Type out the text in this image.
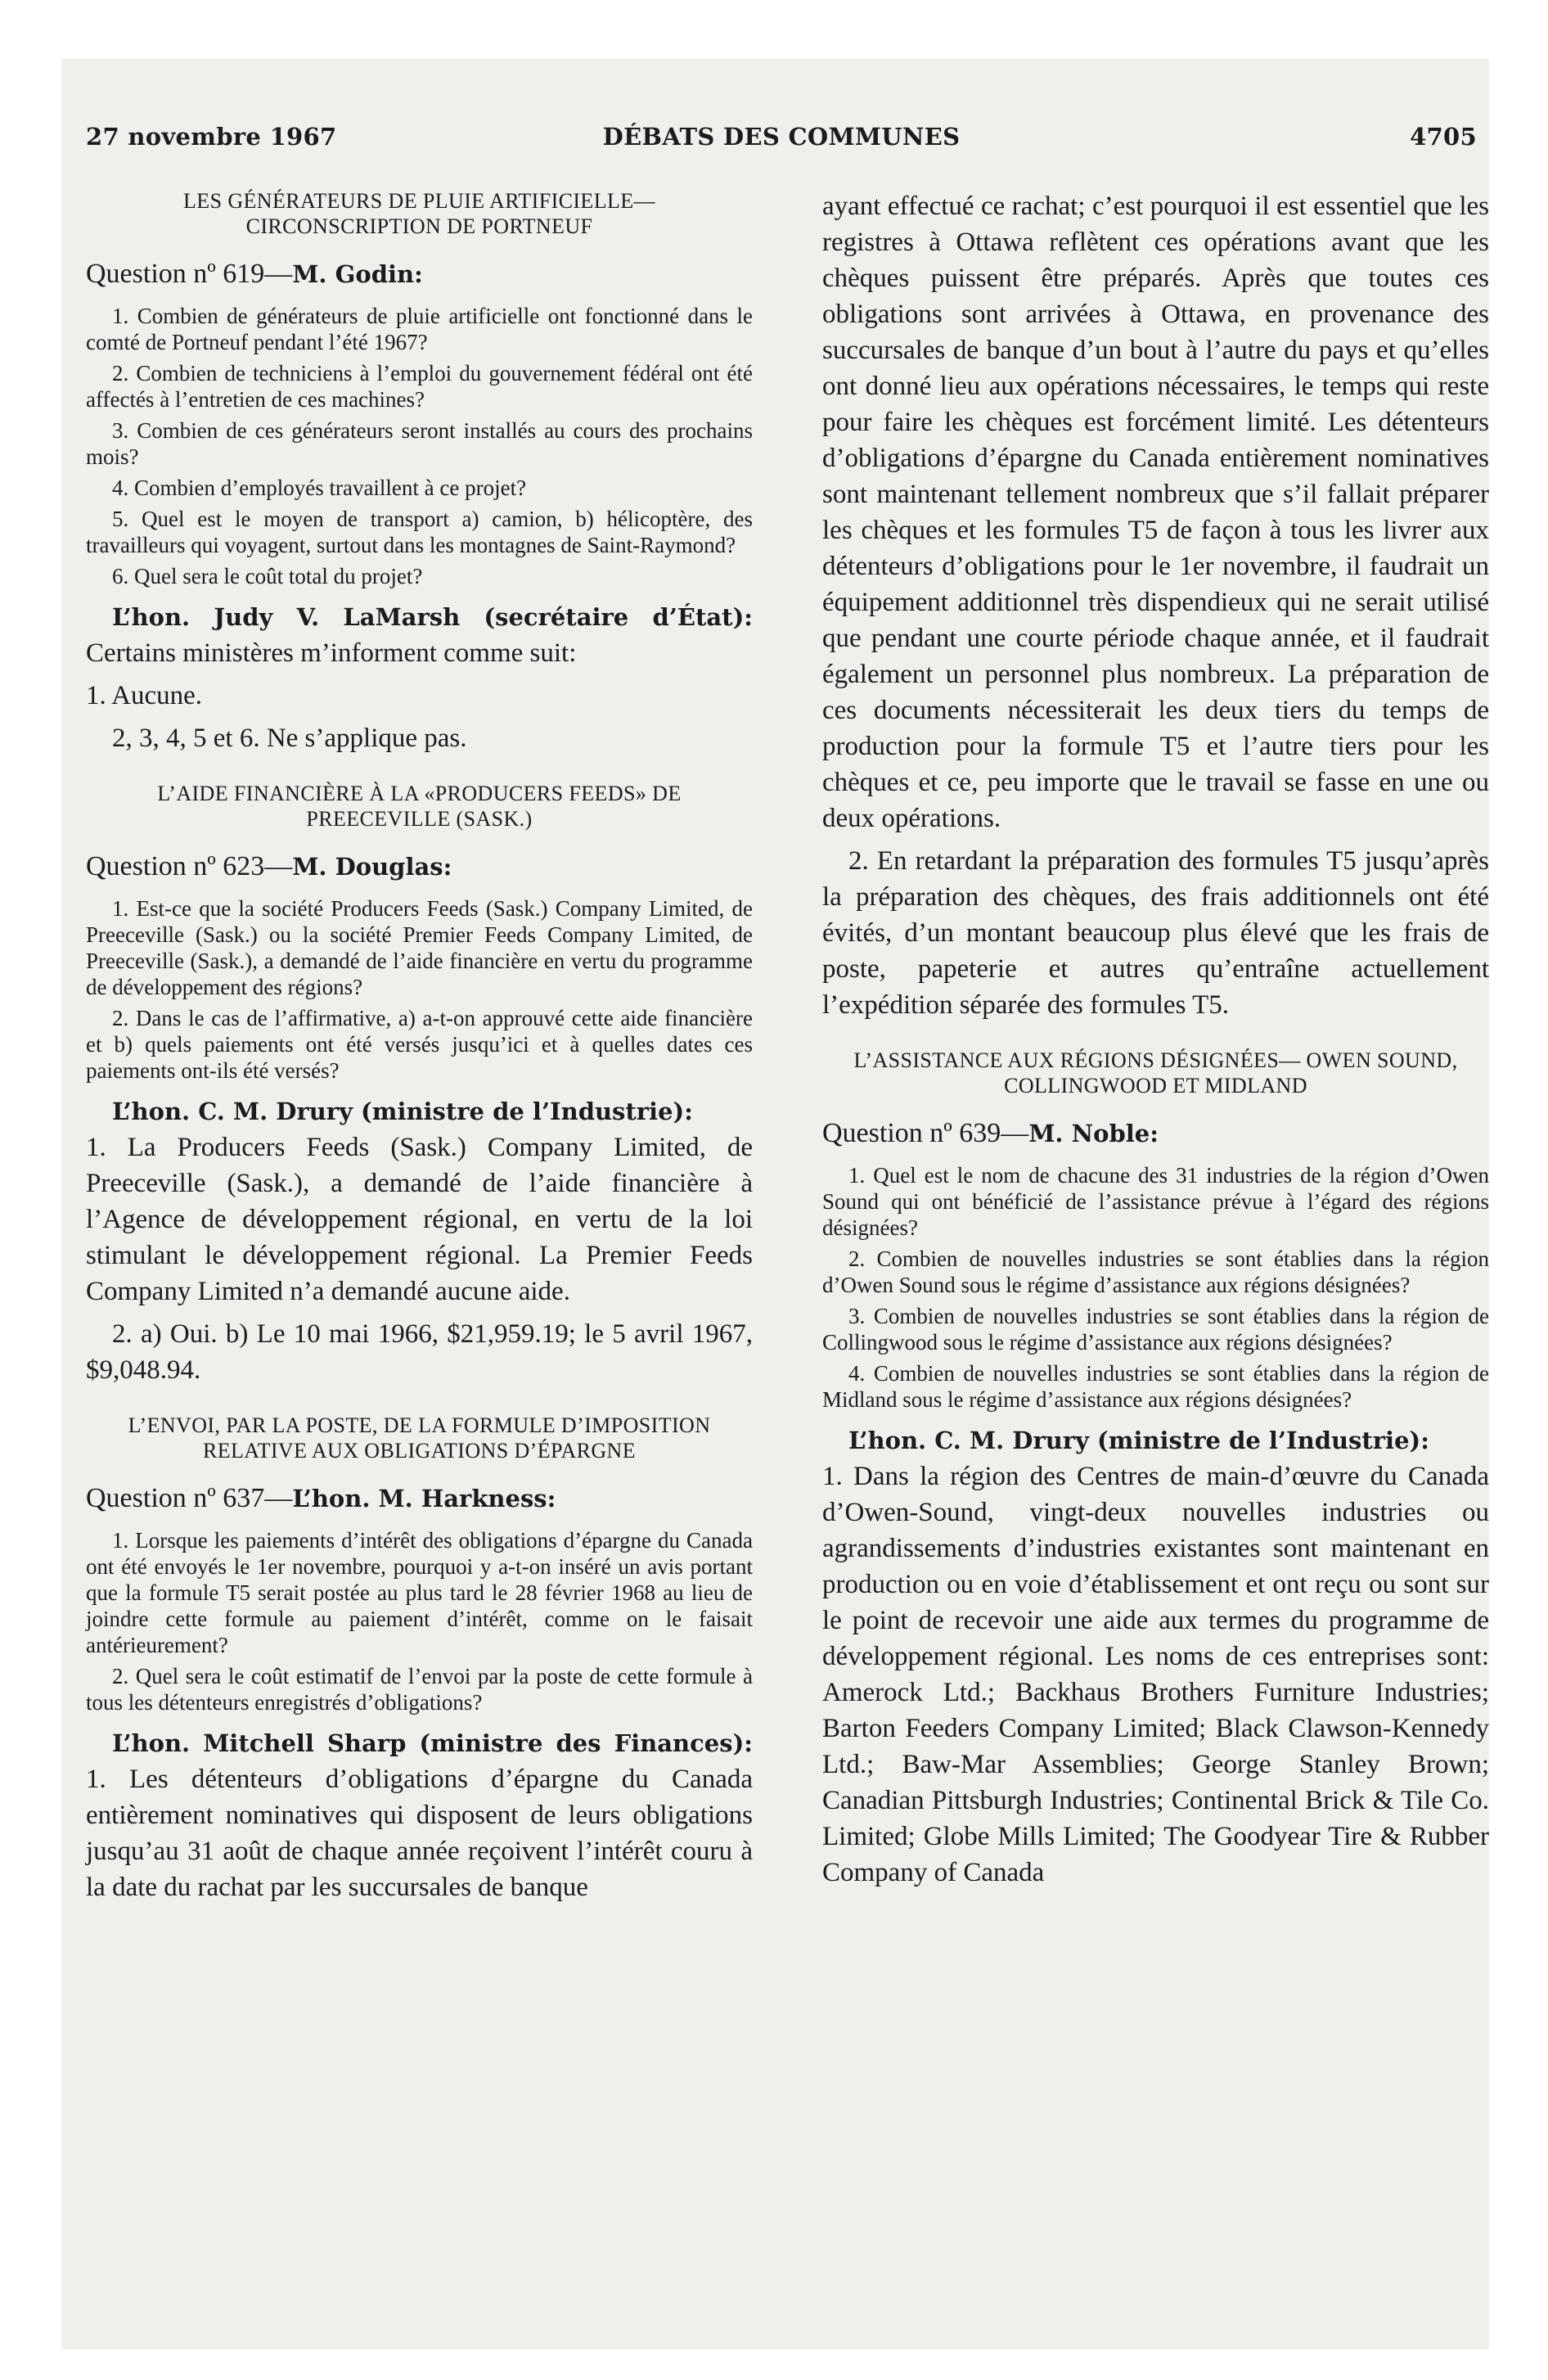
27 novembre 1967	DÉBATS DES COMMUNES	4705
LES GÉNÉRATEURS DE PLUIE ARTIFICIELLE— CIRCONSCRIPTION DE PORTNEUF
Question nº 619—M. Godin:

1. Combien de générateurs de pluie artificielle ont fonctionné dans le comté de Portneuf pendant l’été 1967?

2. Combien de techniciens à l’emploi du gouvernement fédéral ont été affectés à l’entretien de ces machines?

3. Combien de ces générateurs seront installés au cours des prochains mois?

4. Combien d’employés travaillent à ce projet?

5. Quel est le moyen de transport a) camion, b) hélicoptère, des travailleurs qui voyagent, surtout dans les montagnes de Saint-Raymond?

6. Quel sera le coût total du projet?

L’hon. Judy V. LaMarsh (secrétaire d’État): Certains ministères m’informent comme suit:

1. Aucune.

2, 3, 4, 5 et 6. Ne s’applique pas.

L’AIDE FINANCIÈRE À LA «PRODUCERS FEEDS» DE PREECEVILLE (SASK.)
Question nº 623—M. Douglas:

1. Est-ce que la société Producers Feeds (Sask.) Company Limited, de Preeceville (Sask.) ou la société Premier Feeds Company Limited, de Preeceville (Sask.), a demandé de l’aide financière en vertu du programme de développement des régions?

2. Dans le cas de l’affirmative, a) a-t-on approuvé cette aide financière et b) quels paiements ont été versés jusqu’ici et à quelles dates ces paiements ont-ils été versés?

L’hon. C. M. Drury (ministre de l’Industrie):

1. La Producers Feeds (Sask.) Company Limited, de Preeceville (Sask.), a demandé de l’aide financière à l’Agence de développement régional, en vertu de la loi stimulant le développement régional. La Premier Feeds Company Limited n’a demandé aucune aide.

2. a) Oui. b) Le 10 mai 1966, $21,959.19; le 5 avril 1967, $9,048.94.

L’ENVOI, PAR LA POSTE, DE LA FORMULE D’IMPOSITION RELATIVE AUX OBLIGATIONS D’ÉPARGNE
Question nº 637—L’hon. M. Harkness:

1. Lorsque les paiements d’intérêt des obligations d’épargne du Canada ont été envoyés le 1er novembre, pourquoi y a-t-on inséré un avis portant que la formule T5 serait postée au plus tard le 28 février 1968 au lieu de joindre cette formule au paiement d’intérêt, comme on le faisait antérieurement?

2. Quel sera le coût estimatif de l’envoi par la poste de cette formule à tous les détenteurs enregistrés d’obligations?

L’hon. Mitchell Sharp (ministre des Finances): 1. Les détenteurs d’obligations d’épargne du Canada entièrement nominatives qui disposent de leurs obligations jusqu’au 31 août de chaque année reçoivent l’intérêt couru à la date du rachat par les succursales de banque

ayant effectué ce rachat; c’est pourquoi il est essentiel que les registres à Ottawa reflètent ces opérations avant que les chèques puissent être préparés. Après que toutes ces obligations sont arrivées à Ottawa, en provenance des succursales de banque d’un bout à l’autre du pays et qu’elles ont donné lieu aux opérations nécessaires, le temps qui reste pour faire les chèques est forcément limité. Les détenteurs d’obligations d’épargne du Canada entièrement nominatives sont maintenant tellement nombreux que s’il fallait préparer les chèques et les formules T5 de façon à tous les livrer aux détenteurs d’obligations pour le 1er novembre, il faudrait un équipement additionnel très dispendieux qui ne serait utilisé que pendant une courte période chaque année, et il faudrait également un personnel plus nombreux. La préparation de ces documents nécessiterait les deux tiers du temps de production pour la formule T5 et l’autre tiers pour les chèques et ce, peu importe que le travail se fasse en une ou deux opérations.

2. En retardant la préparation des formules T5 jusqu’après la préparation des chèques, des frais additionnels ont été évités, d’un montant beaucoup plus élevé que les frais de poste, papeterie et autres qu’entraîne actuellement l’expédition séparée des formules T5.

L’ASSISTANCE AUX RÉGIONS DÉSIGNÉES— OWEN SOUND, COLLINGWOOD ET MIDLAND
Question nº 639—M. Noble:

1. Quel est le nom de chacune des 31 industries de la région d’Owen Sound qui ont bénéficié de l’assistance prévue à l’égard des régions désignées?

2. Combien de nouvelles industries se sont établies dans la région d’Owen Sound sous le régime d’assistance aux régions désignées?

3. Combien de nouvelles industries se sont établies dans la région de Collingwood sous le régime d’assistance aux régions désignées?

4. Combien de nouvelles industries se sont établies dans la région de Midland sous le régime d’assistance aux régions désignées?

L’hon. C. M. Drury (ministre de l’Industrie):

1. Dans la région des Centres de main-d’œuvre du Canada d’Owen-Sound, vingt-deux nouvelles industries ou agrandissements d’industries existantes sont maintenant en production ou en voie d’établissement et ont reçu ou sont sur le point de recevoir une aide aux termes du programme de développement régional. Les noms de ces entreprises sont: Amerock Ltd.; Backhaus Brothers Furniture Industries; Barton Feeders Company Limited; Black Clawson-Kennedy Ltd.; Baw-Mar Assemblies; George Stanley Brown; Canadian Pittsburgh Industries; Continental Brick & Tile Co. Limited; Globe Mills Limited; The Goodyear Tire & Rubber Company of Canada
